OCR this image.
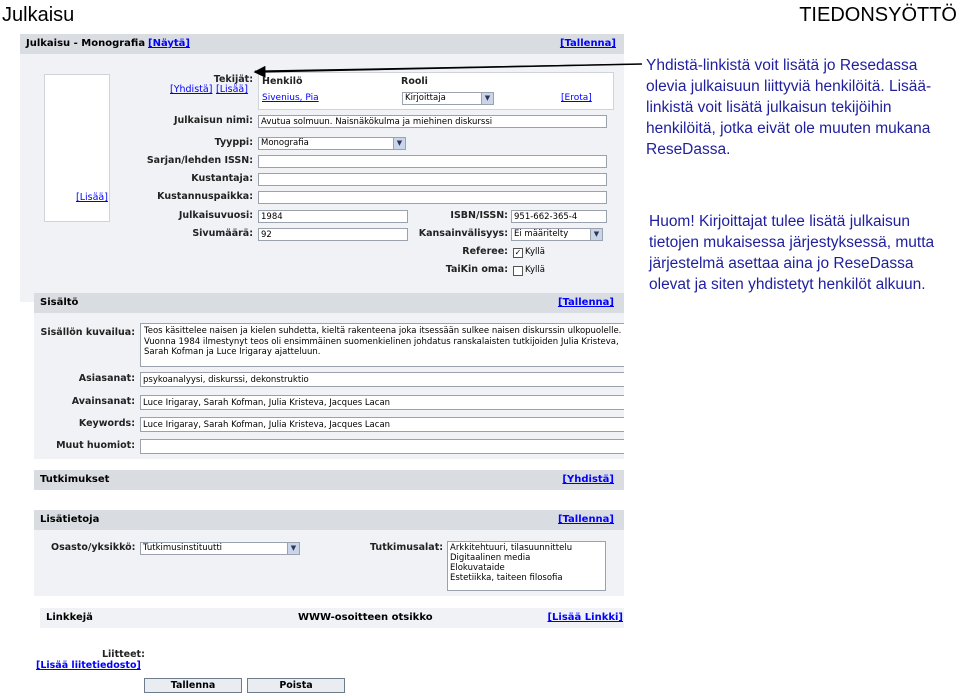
Julkaisu	TIEDONSYÖTTÖ
Julkaisu - Monografia [Näytä]	[Tallenna]
[Lisää]
Tekijät:
[Yhdistä] [Lisää]
Henkilö	Rooli
Sivenius, Pia	Kirjoittaja	▼	[Erota]
Julkaisun nimi: Avutua solmuun. Naisnäkökulma ja miehinen diskurssi
Tyyppi: Monografia	▼
Sarjan/lehden ISSN:
Kustantaja:
Kustannuspaikka:
Julkaisuvuosi: 1984	ISBN/ISSN: 951-662-365-4
Sivumäärä: 92	Kansainvälisyys: Ei määritelty	▼
Referee: ✓ Kyllä
TaiKin oma: Kyllä
Sisältö	[Tallenna]
Sisällön kuvailua:	Teos käsittelee naisen ja kielen suhdetta, kieltä rakenteena joka itsessään sulkee naisen diskurssin ulkopuolelle. Vuonna 1984 ilmestynyt teos oli ensimmäinen suomenkielinen johdatus ranskalaisten tutkijoiden Julia Kristeva, Sarah Kofman ja Luce Irigaray ajatteluun.
Asiasanat: psykoanalyysi, diskurssi, dekonstruktio
Avainsanat: Luce Irigaray, Sarah Kofman, Julia Kristeva, Jacques Lacan
Keywords: Luce Irigaray, Sarah Kofman, Julia Kristeva, Jacques Lacan
Muut huomiot:
Tutkimukset	[Yhdistä]
Lisätietoja	[Tallenna]
Osasto/yksikkö: Tutkimusinstituutti	▼	Tutkimusalat: Arkkitehtuuri, tilasuunnittelu
Digitaalinen media
Elokuvataide
Estetiikka, taiteen filosofia
Linkkejä	WWW-osoitteen otsikko	[Lisää Linkki]
Liitteet:
[Lisää liitetiedosto]
Tallenna	Poista
Yhdistä-linkistä voit lisätä jo Resedassa olevia julkaisuun liittyviä henkilöitä. Lisää-linkistä voit lisätä julkaisun tekijöihin henkilöitä, jotka eivät ole muuten mukana ReseDassa.
Huom! Kirjoittajat tulee lisätä julkaisun tietojen mukaisessa järjestyksessä, mutta järjestelmä asettaa aina jo ReseDassa olevat ja siten yhdistetyt henkilöt alkuun.
